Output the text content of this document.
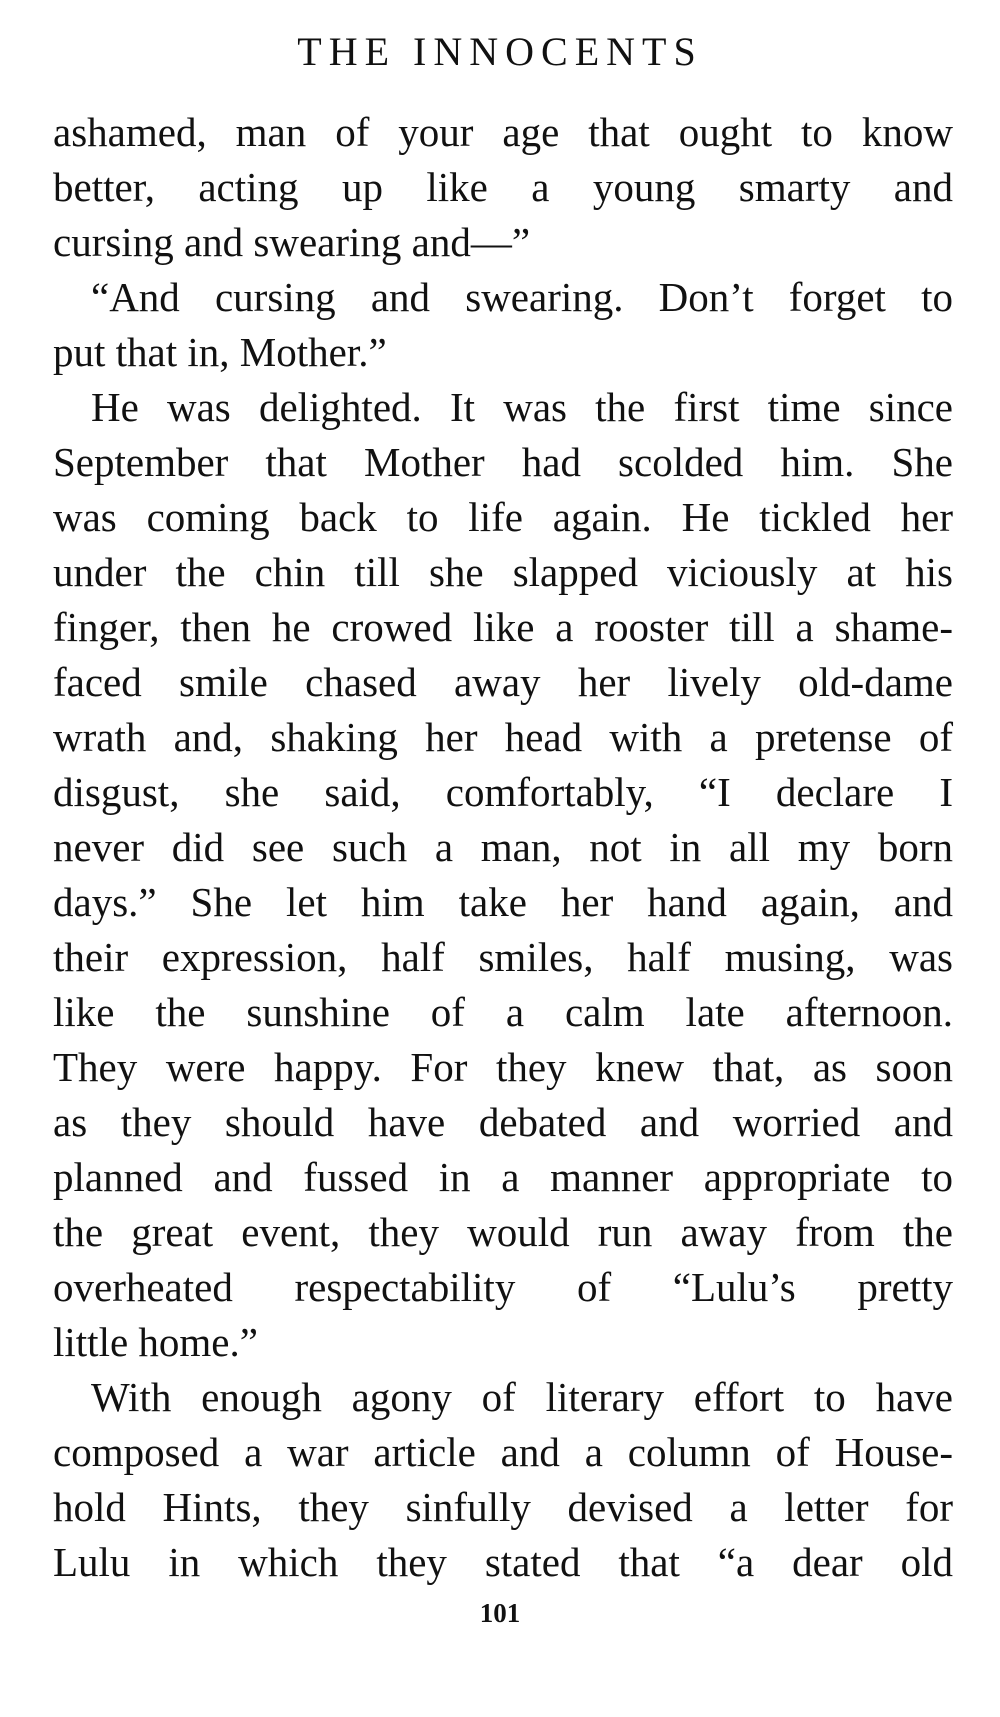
THE INNOCENTS
ashamed, man of your age that ought to know
better, acting up like a young smarty and
cursing and swearing and—”
“And cursing and swearing. Don’t forget to
put that in, Mother.”
He was delighted. It was the first time since
September that Mother had scolded him. She
was coming back to life again. He tickled her
under the chin till she slapped viciously at his
finger, then he crowed like a rooster till a shame-
faced smile chased away her lively old-dame
wrath and, shaking her head with a pretense of
disgust, she said, comfortably, “I declare I
never did see such a man, not in all my born
days.” She let him take her hand again, and
their expression, half smiles, half musing, was
like the sunshine of a calm late afternoon.
They were happy. For they knew that, as soon
as they should have debated and worried and
planned and fussed in a manner appropriate to
the great event, they would run away from the
overheated respectability of “Lulu’s pretty
little home.”
With enough agony of literary effort to have
composed a war article and a column of House-
hold Hints, they sinfully devised a letter for
Lulu in which they stated that “a dear old
101
